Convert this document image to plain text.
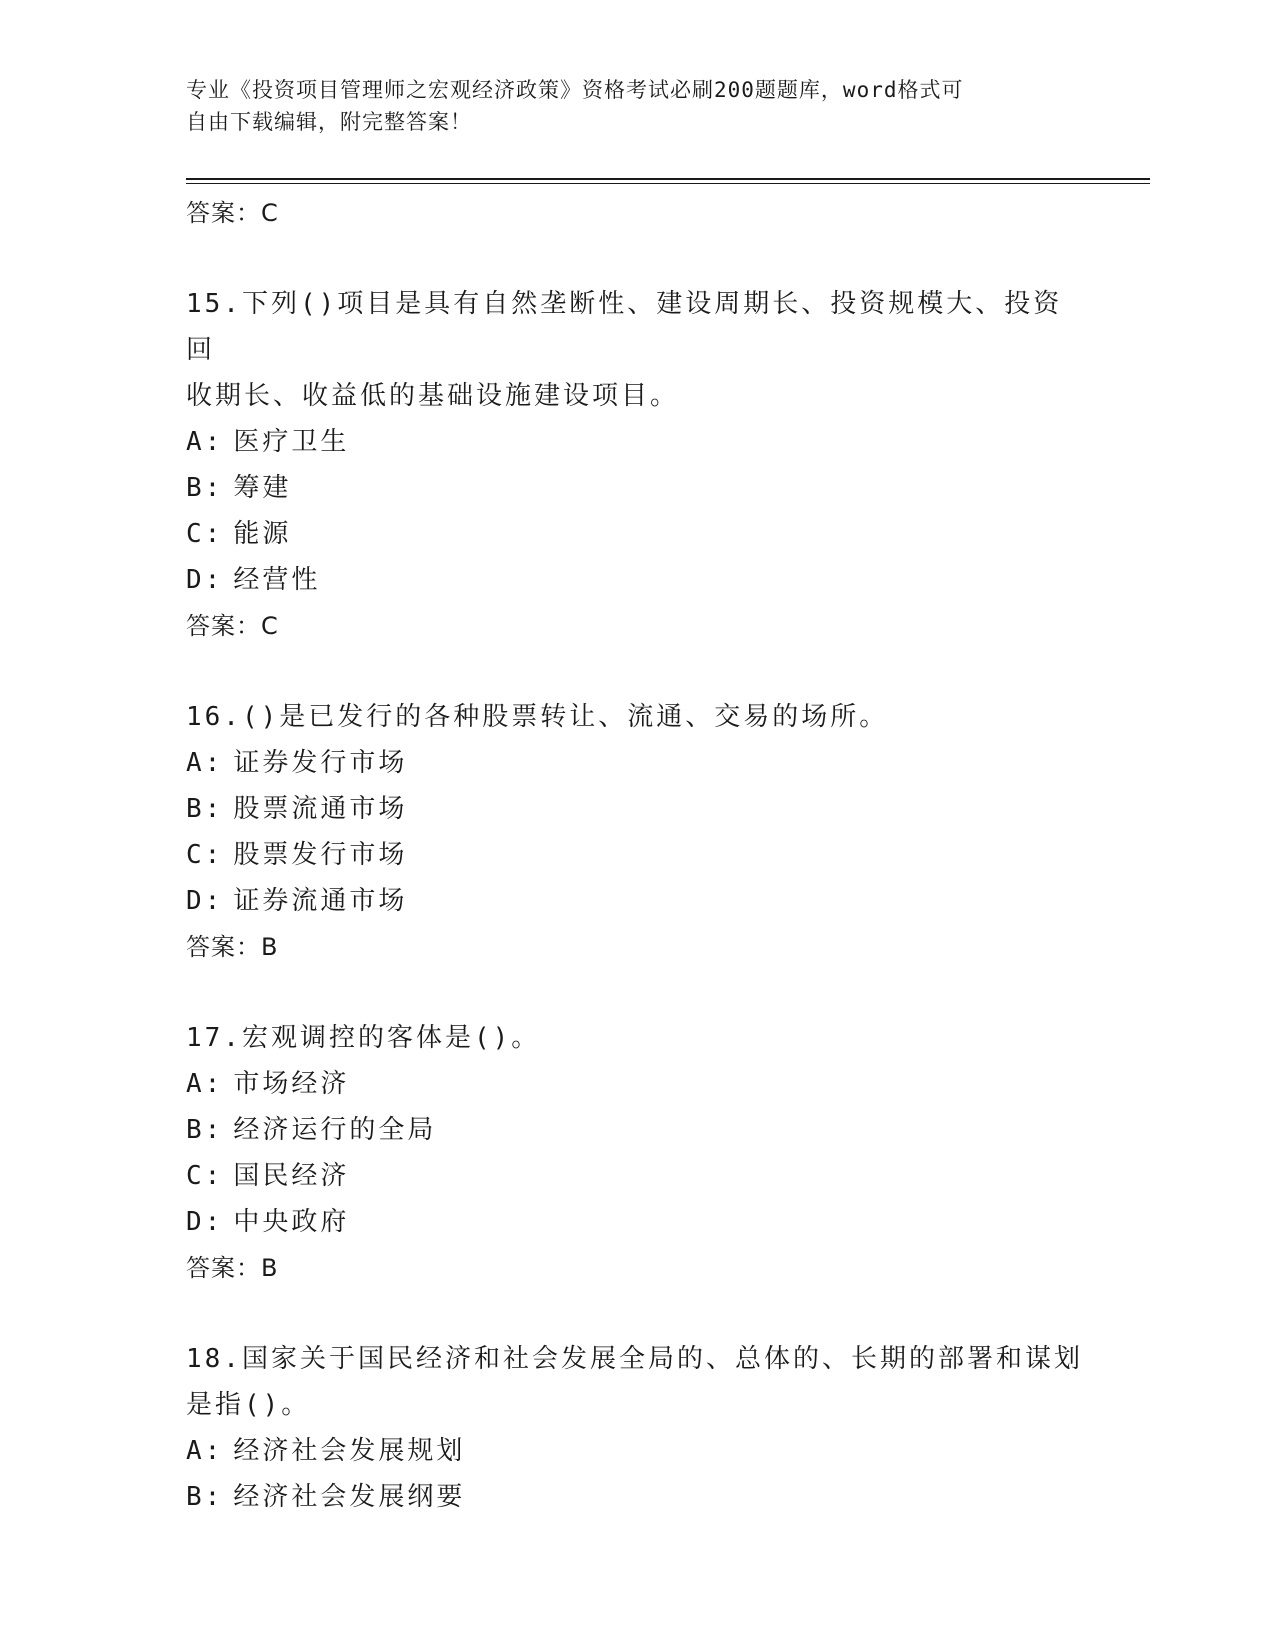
专业《投资项目管理师之宏观经济政策》资格考试必刷200题题库，word格式可
自由下载编辑，附完整答案！
答案：C
15.下列()项目是具有自然垄断性、建设周期长、投资规模大、投资回
收期长、收益低的基础设施建设项目。
A: 医疗卫生
B: 筹建
C: 能源
D: 经营性
答案：C
16.()是已发行的各种股票转让、流通、交易的场所。
A: 证券发行市场
B: 股票流通市场
C: 股票发行市场
D: 证券流通市场
答案：B
17.宏观调控的客体是()。
A: 市场经济
B: 经济运行的全局
C: 国民经济
D: 中央政府
答案：B
18.国家关于国民经济和社会发展全局的、总体的、长期的部署和谋划
是指()。
A: 经济社会发展规划
B: 经济社会发展纲要
